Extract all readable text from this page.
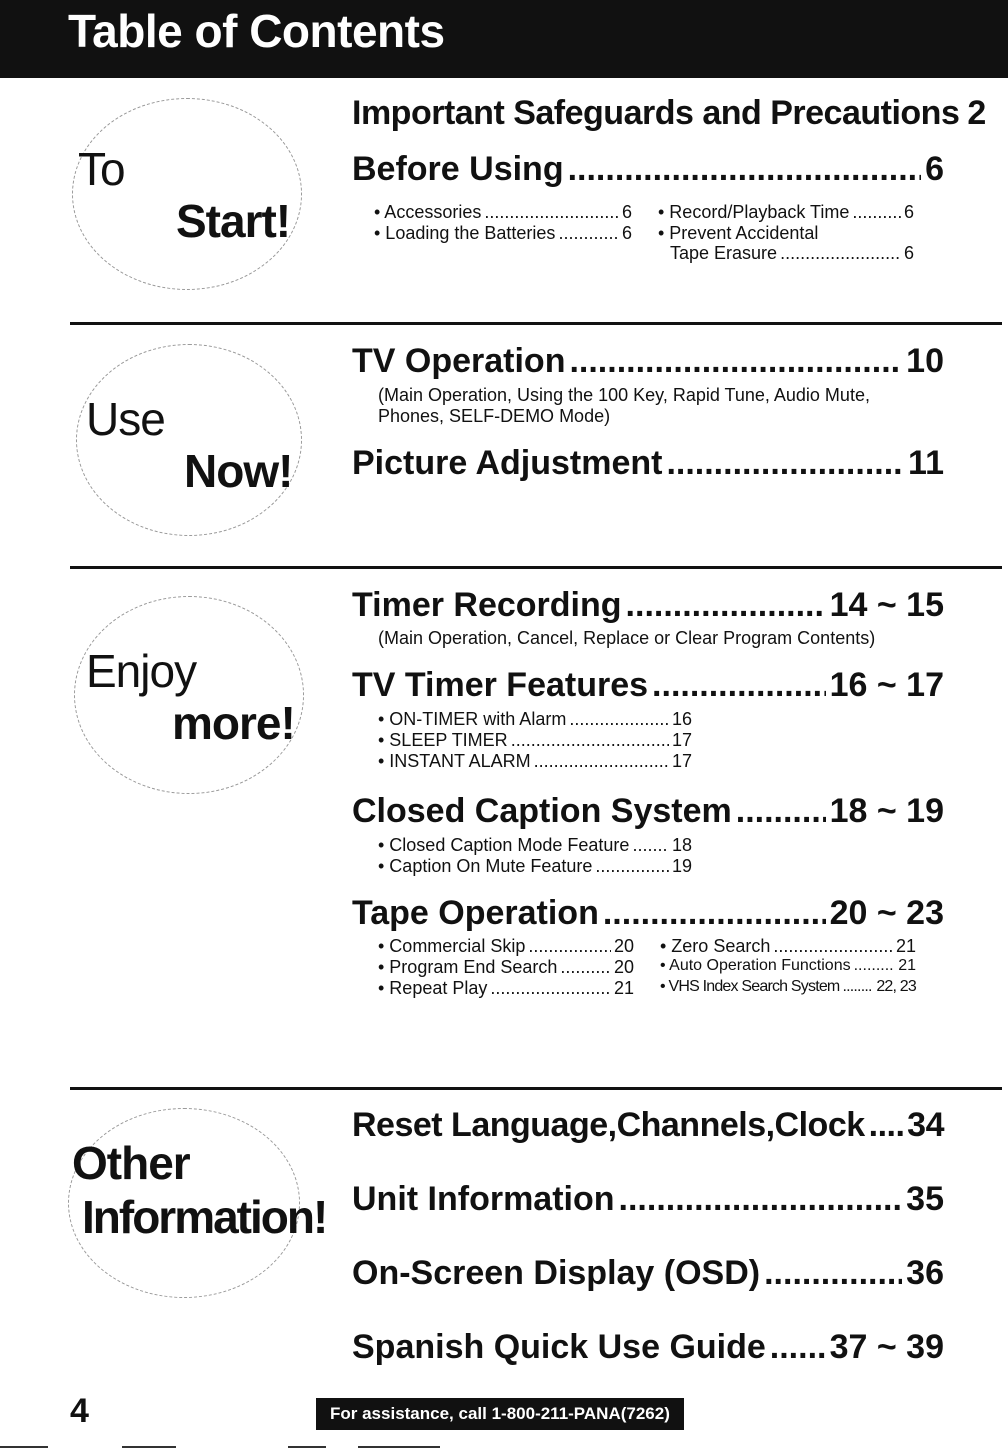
Table of Contents
To
Start!
Important Safeguards and Precautions 2
Before Using .....	6
• Accessories .....	6
• Loading the Batteries .....	6
• Record/Playback Time .....	6
• Prevent Accidental
Tape Erasure .....	6
Use
Now!
TV Operation .....	10
(Main Operation, Using the 100 Key, Rapid Tune, Audio Mute, Phones, SELF-DEMO Mode)
Picture Adjustment .....	11
Enjoy
more!
Timer Recording .....	14 ~ 15
(Main Operation, Cancel, Replace or Clear Program Contents)
TV Timer Features .....	16 ~ 17
• ON-TIMER with Alarm .....	16
• SLEEP TIMER .....	17
• INSTANT ALARM .....	17
Closed Caption System .....	18 ~ 19
• Closed Caption Mode Feature ..... 18
• Caption On Mute Feature .....	19
Tape Operation .....	20 ~ 23
• Commercial Skip .....	20
• Program End Search .....	20
• Repeat Play .....	21
• Zero Search .....	21
• Auto Operation Functions .....	21
• VHS Index Search System ..... 22, 23
Other
Information!
Reset Language,Channels,Clock ..... 34
Unit Information .....	35
On-Screen Display (OSD) .....	36
Spanish Quick Use Guide ..... 37 ~ 39
4	For assistance, call 1-800-211-PANA(7262)
